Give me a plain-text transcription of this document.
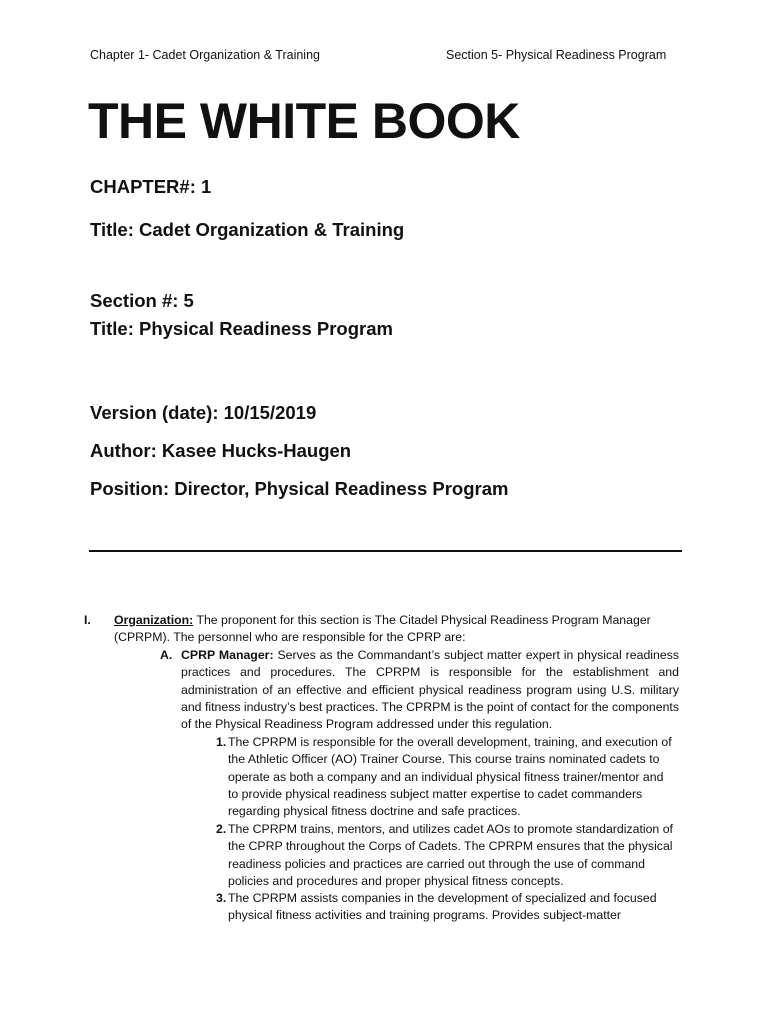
Chapter 1- Cadet Organization & Training	Section 5- Physical Readiness Program
THE WHITE BOOK

CHAPTER#: 1

Title: Cadet Organization & Training

Section #: 5

Title: Physical Readiness Program

Version (date): 10/15/2019

Author: Kasee Hucks-Haugen

Position: Director, Physical Readiness Program

I. Organization: The proponent for this section is The Citadel Physical Readiness Program Manager (CPRPM). The personnel who are responsible for the CPRP are:

A. CPRP Manager: Serves as the Commandant’s subject matter expert in physical readiness practices and procedures. The CPRPM is responsible for the establishment and administration of an effective and efficient physical readiness program using U.S. military and fitness industry’s best practices. The CPRPM is the point of contact for the components of the Physical Readiness Program addressed under this regulation.

1. The CPRPM is responsible for the overall development, training, and execution of the Athletic Officer (AO) Trainer Course. This course trains nominated cadets to operate as both a company and an individual physical fitness trainer/mentor and to provide physical readiness subject matter expertise to cadet commanders regarding physical fitness doctrine and safe practices.

2. The CPRPM trains, mentors, and utilizes cadet AOs to promote standardization of the CPRP throughout the Corps of Cadets. The CPRPM ensures that the physical readiness policies and practices are carried out through the use of command policies and procedures and proper physical fitness concepts.

3. The CPRPM assists companies in the development of specialized and focused physical fitness activities and training programs. Provides subject-matter
